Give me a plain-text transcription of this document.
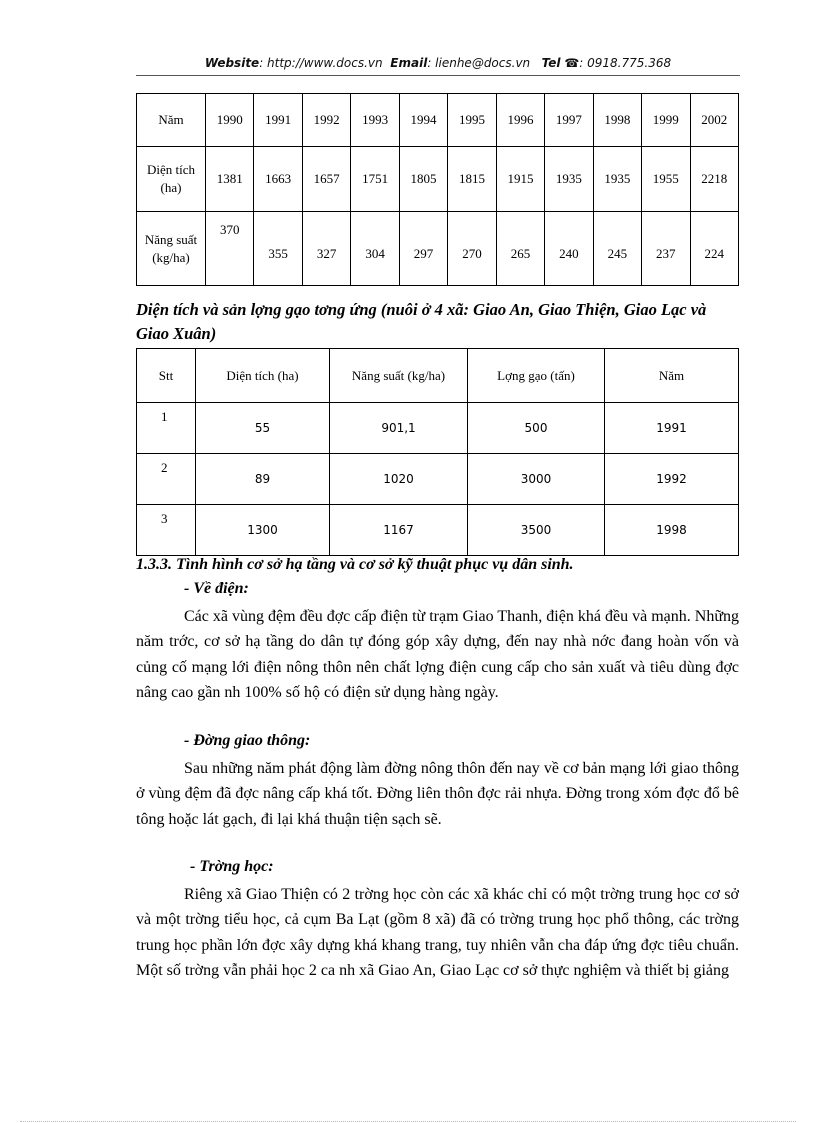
Website: http://www.docs.vn Email: lienhe@docs.vn Tel ☎: 0918.775.368
Năm	1990	1991	1992	1993	1994	1995	1996	1997	1998	1999	2002
Diện tích (ha)	1381	1663	1657	1751	1805	1815	1915	1935	1935	1955	2218
Năng suất (kg/ha)	370	355	327	304	297	270	265	240	245	237	224
Diện tích và sản lợng gạo tơng ứng (nuôi ở 4 xã: Giao An, Giao Thiện, Giao Lạc và Giao Xuân)
Stt	Diện tích (ha)	Năng suất (kg/ha)	Lợng gạo (tấn)	Năm
1	55	901,1	500	1991
2	89	1020	3000	1992
3	1300	1167	3500	1998
1.3.3. Tình hình cơ sở hạ tầng và cơ sở kỹ thuật phục vụ dân sinh.
- Về điện:
Các xã vùng đệm đều đợc cấp điện từ trạm Giao Thanh, điện khá đều và mạnh. Những năm trớc, cơ sở hạ tầng do dân tự đóng góp xây dựng, đến nay nhà nớc đang hoàn vốn và củng cố mạng lới điện nông thôn nên chất lợng điện cung cấp cho sản xuất và tiêu dùng đợc nâng cao gần nh 100% số hộ có điện sử dụng hàng ngày.
- Đờng giao thông:
Sau những năm phát động làm đờng nông thôn đến nay về cơ bản mạng lới giao thông ở vùng đệm đã đợc nâng cấp khá tốt. Đờng liên thôn đợc rải nhựa. Đờng trong xóm đợc đổ bê tông hoặc lát gạch, đi lại khá thuận tiện sạch sẽ.
- Trờng học:
Riêng xã Giao Thiện có 2 trờng học còn các xã khác chỉ có một trờng trung học cơ sở và một trờng tiểu học, cả cụm Ba Lạt (gồm 8 xã) đã có trờng trung học phổ thông, các trờng trung học phần lớn đợc xây dựng khá khang trang, tuy nhiên vẫn cha đáp ứng đợc tiêu chuẩn. Một số trờng vẫn phải học 2 ca nh xã Giao An, Giao Lạc cơ sở thực nghiệm và thiết bị giảng
